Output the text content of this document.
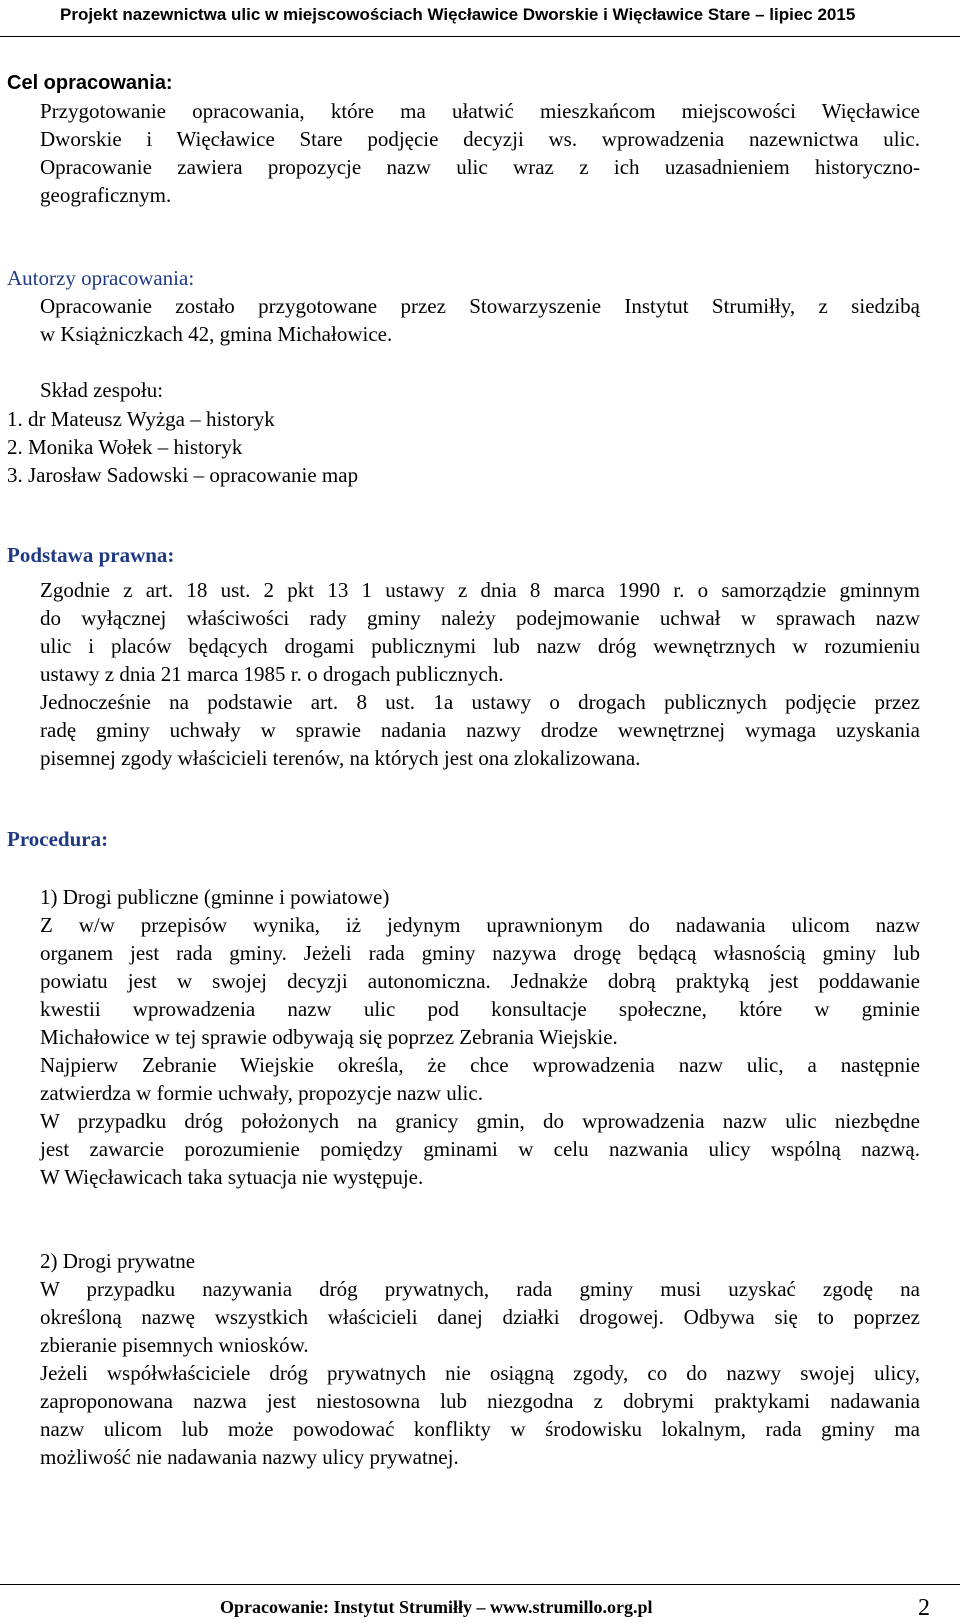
Projekt nazewnictwa ulic w miejscowościach Więcławice Dworskie i Więcławice Stare – lipiec 2015
Cel opracowania:

Przygotowanie opracowania, które ma ułatwić mieszkańcom miejscowości Więcławice

Dworskie i Więcławice Stare podjęcie decyzji ws. wprowadzenia nazewnictwa ulic.

Opracowanie zawiera propozycje nazw ulic wraz z ich uzasadnieniem historyczno-

geograficznym.

Autorzy opracowania:

Opracowanie zostało przygotowane przez Stowarzyszenie Instytut Strumiłły, z siedzibą

w Książniczkach 42, gmina Michałowice.

Skład zespołu:
1. dr Mateusz Wyżga – historyk
2. Monika Wołek – historyk
3. Jarosław Sadowski – opracowanie map
Podstawa prawna:

Zgodnie z art. 18 ust. 2 pkt 13 1 ustawy z dnia 8 marca 1990 r. o samorządzie gminnym

do wyłącznej właściwości rady gminy należy podejmowanie uchwał w sprawach nazw

ulic i placów będących drogami publicznymi lub nazw dróg wewnętrznych w rozumieniu

ustawy z dnia 21 marca 1985 r. o drogach publicznych.

Jednocześnie na podstawie art. 8 ust. 1a ustawy o drogach publicznych podjęcie przez

radę gminy uchwały w sprawie nadania nazwy drodze wewnętrznej wymaga uzyskania

pisemnej zgody właścicieli terenów, na których jest ona zlokalizowana.

Procedura:

1) Drogi publiczne (gminne i powiatowe)

Z w/w przepisów wynika, iż jedynym uprawnionym do nadawania ulicom nazw

organem jest rada gminy. Jeżeli rada gminy nazywa drogę będącą własnością gminy lub

powiatu jest w swojej decyzji autonomiczna. Jednakże dobrą praktyką jest poddawanie

kwestii wprowadzenia nazw ulic pod konsultacje społeczne, które w gminie

Michałowice w tej sprawie odbywają się poprzez Zebrania Wiejskie.

Najpierw Zebranie Wiejskie określa, że chce wprowadzenia nazw ulic, a następnie

zatwierdza w formie uchwały, propozycje nazw ulic.

W przypadku dróg położonych na granicy gmin, do wprowadzenia nazw ulic niezbędne

jest zawarcie porozumienie pomiędzy gminami w celu nazwania ulicy wspólną nazwą.

W Więcławicach taka sytuacja nie występuje.

2) Drogi prywatne

W przypadku nazywania dróg prywatnych, rada gminy musi uzyskać zgodę na

określoną nazwę wszystkich właścicieli danej działki drogowej. Odbywa się to poprzez

zbieranie pisemnych wniosków.

Jeżeli współwłaściciele dróg prywatnych nie osiągną zgody, co do nazwy swojej ulicy,

zaproponowana nazwa jest niestosowna lub niezgodna z dobrymi praktykami nadawania

nazw ulicom lub może powodować konflikty w środowisku lokalnym, rada gminy ma

możliwość nie nadawania nazwy ulicy prywatnej.

Opracowanie: Instytut Strumiłły – www.strumillo.org.pl	2
